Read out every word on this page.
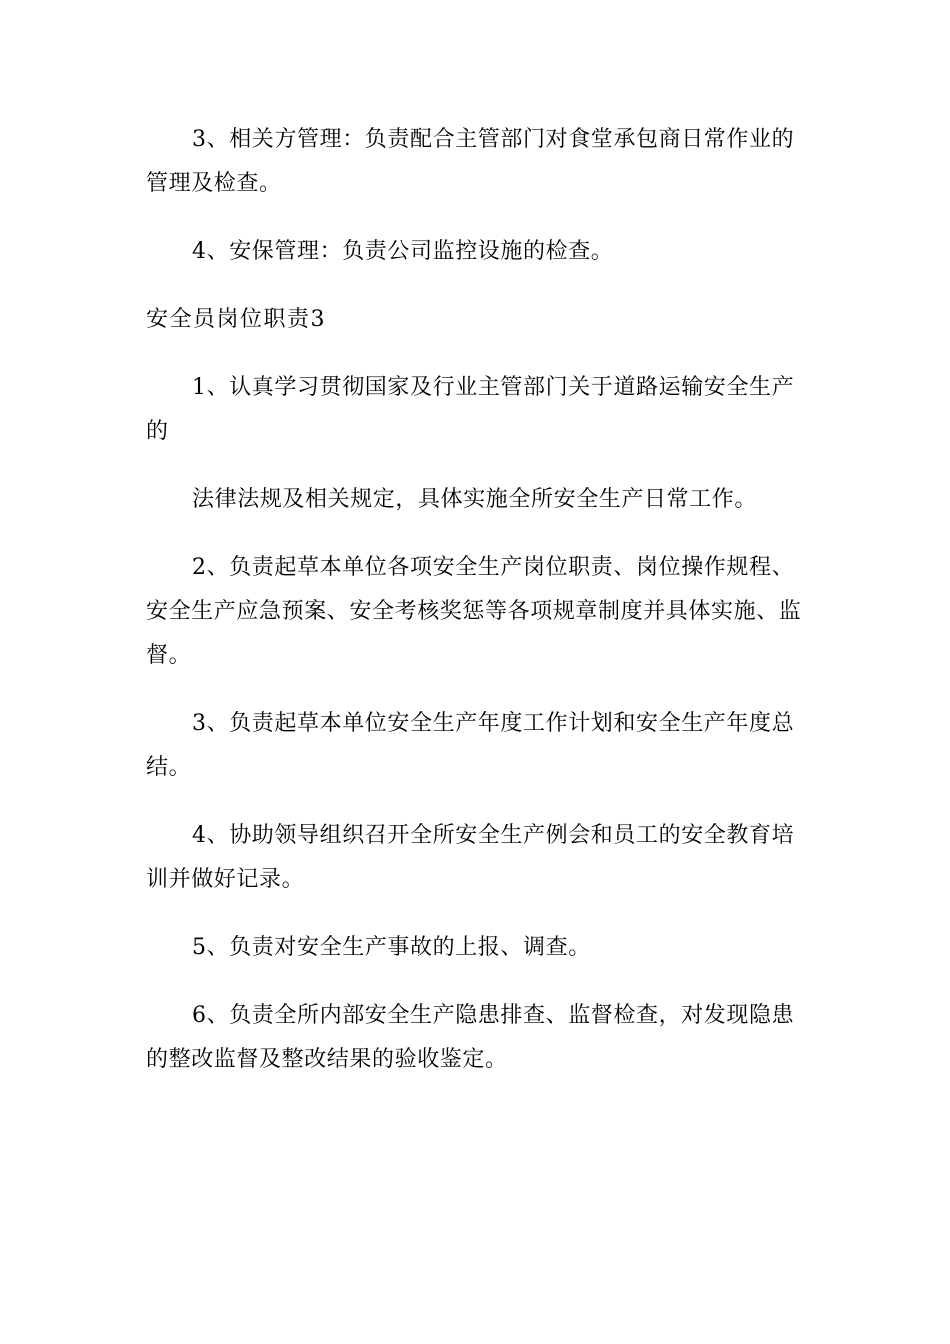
3、相关方管理：负责配合主管部门对食堂承包商日常作业的管理及检查。

4、安保管理：负责公司监控设施的检查。

安全员岗位职责3

1、认真学习贯彻国家及行业主管部门关于道路运输安全生产的

法律法规及相关规定，具体实施全所安全生产日常工作。

2、负责起草本单位各项安全生产岗位职责、岗位操作规程、安全生产应急预案、安全考核奖惩等各项规章制度并具体实施、监督。

3、负责起草本单位安全生产年度工作计划和安全生产年度总结。

4、协助领导组织召开全所安全生产例会和员工的安全教育培训并做好记录。

5、负责对安全生产事故的上报、调查。

6、负责全所内部安全生产隐患排查、监督检查，对发现隐患的整改监督及整改结果的验收鉴定。
